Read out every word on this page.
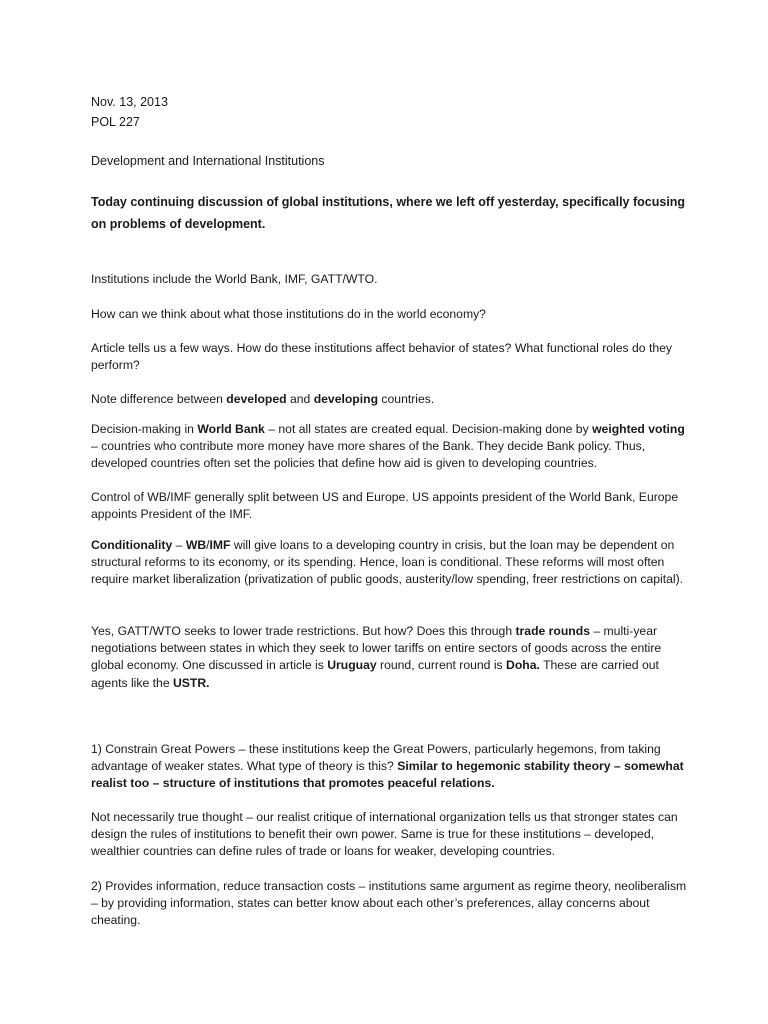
Nov. 13, 2013

POL 227

Development and International Institutions

Today continuing discussion of global institutions, where we left off yesterday, specifically focusing on problems of development.

Institutions include the World Bank, IMF, GATT/WTO.

How can we think about what those institutions do in the world economy?

Article tells us a few ways. How do these institutions affect behavior of states? What functional roles do they perform?

Note difference between developed and developing countries.

Decision-making in World Bank – not all states are created equal. Decision-making done by weighted voting – countries who contribute more money have more shares of the Bank. They decide Bank policy. Thus, developed countries often set the policies that define how aid is given to developing countries.

Control of WB/IMF generally split between US and Europe. US appoints president of the World Bank, Europe appoints President of the IMF.

Conditionality – WB/IMF will give loans to a developing country in crisis, but the loan may be dependent on structural reforms to its economy, or its spending. Hence, loan is conditional. These reforms will most often require market liberalization (privatization of public goods, austerity/low spending, freer restrictions on capital).

Yes, GATT/WTO seeks to lower trade restrictions. But how? Does this through trade rounds – multi-year negotiations between states in which they seek to lower tariffs on entire sectors of goods across the entire global economy. One discussed in article is Uruguay round, current round is Doha. These are carried out agents like the USTR.

1) Constrain Great Powers – these institutions keep the Great Powers, particularly hegemons, from taking advantage of weaker states. What type of theory is this? Similar to hegemonic stability theory – somewhat realist too – structure of institutions that promotes peaceful relations.

Not necessarily true thought – our realist critique of international organization tells us that stronger states can design the rules of institutions to benefit their own power. Same is true for these institutions – developed, wealthier countries can define rules of trade or loans for weaker, developing countries.

2) Provides information, reduce transaction costs – institutions same argument as regime theory, neoliberalism – by providing information, states can better know about each other’s preferences, allay concerns about cheating.
